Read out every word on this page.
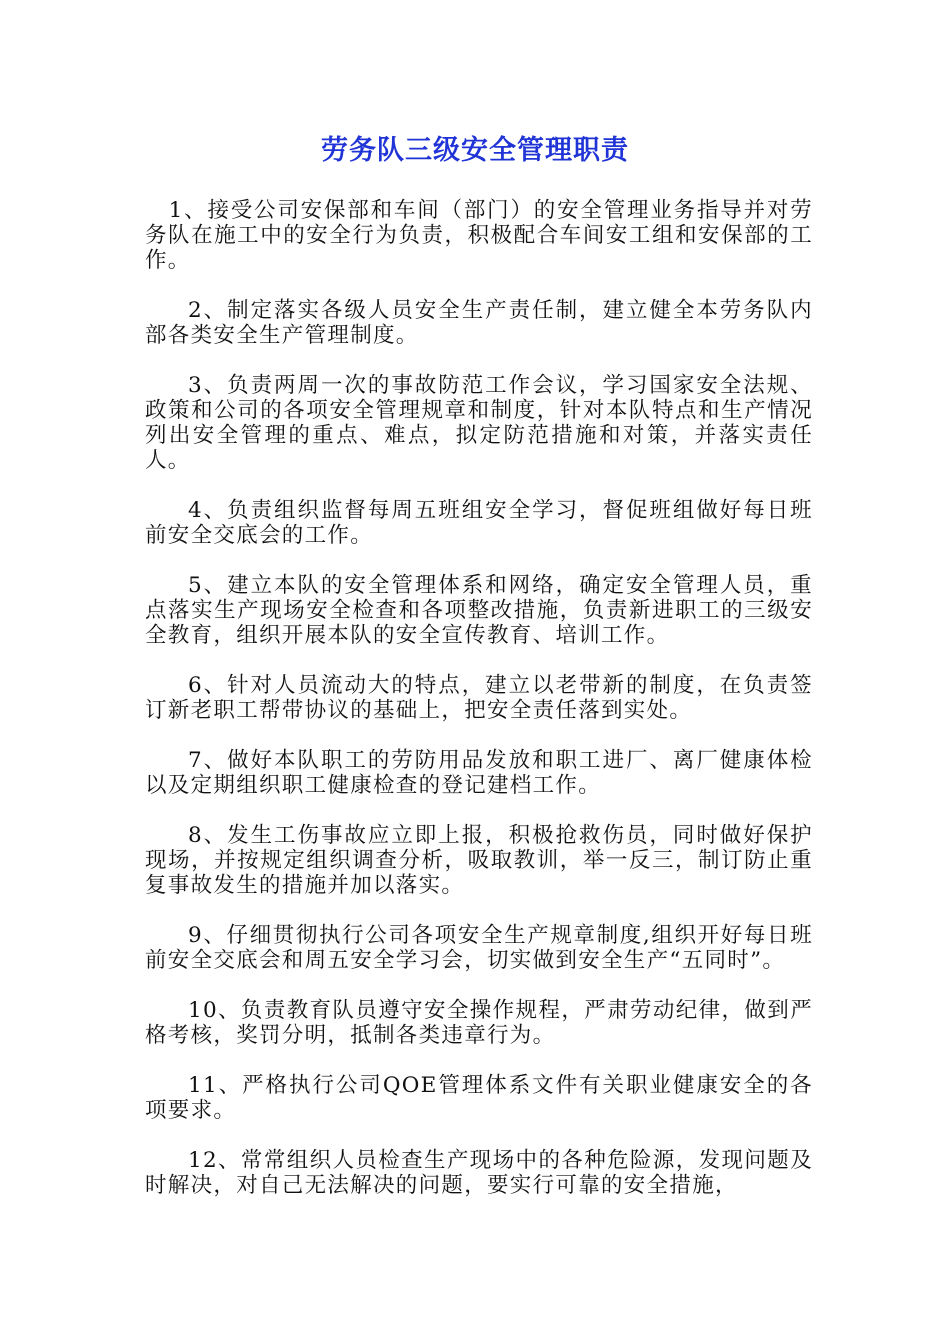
劳务队三级安全管理职责

1、接受公司安保部和车间（部门）的安全管理业务指导并对劳务队在施工中的安全行为负责，积极配合车间安工组和安保部的工作。

2、制定落实各级人员安全生产责任制，建立健全本劳务队内部各类安全生产管理制度。

3、负责两周一次的事故防范工作会议，学习国家安全法规、政策和公司的各项安全管理规章和制度，针对本队特点和生产情况列出安全管理的重点、难点，拟定防范措施和对策，并落实责任人。

4、负责组织监督每周五班组安全学习，督促班组做好每日班前安全交底会的工作。

5、建立本队的安全管理体系和网络，确定安全管理人员，重点落实生产现场安全检查和各项整改措施，负责新进职工的三级安全教育，组织开展本队的安全宣传教育、培训工作。

6、针对人员流动大的特点，建立以老带新的制度，在负责签订新老职工帮带协议的基础上，把安全责任落到实处。

7、做好本队职工的劳防用品发放和职工进厂、离厂健康体检以及定期组织职工健康检查的登记建档工作。

8、发生工伤事故应立即上报，积极抢救伤员，同时做好保护现场，并按规定组织调查分析，吸取教训，举一反三，制订防止重复事故发生的措施并加以落实。

9、仔细贯彻执行公司各项安全生产规章制度,组织开好每日班前安全交底会和周五安全学习会，切实做到安全生产“五同时”。

10、负责教育队员遵守安全操作规程，严肃劳动纪律，做到严格考核，奖罚分明，抵制各类违章行为。

11、严格执行公司QOE管理体系文件有关职业健康安全的各项要求。

12、常常组织人员检查生产现场中的各种危险源，发现问题及时解决，对自己无法解决的问题，要实行可靠的安全措施，
